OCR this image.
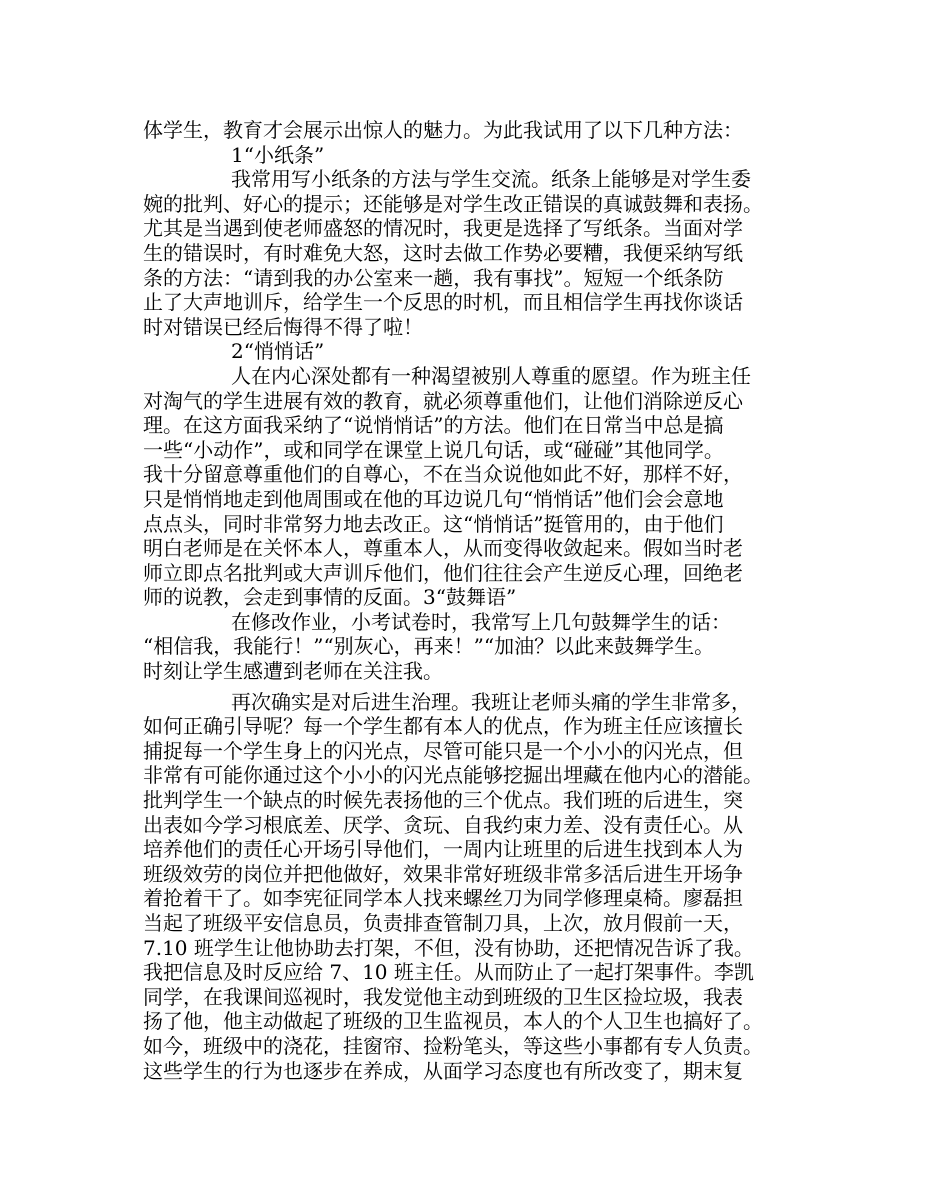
体学生，教育才会展示出惊人的魅力。为此我试用了以下几种方法：
1“小纸条”
我常用写小纸条的方法与学生交流。纸条上能够是对学生委
婉的批判、好心的提示；还能够是对学生改正错误的真诚鼓舞和表扬。
尤其是当遇到使老师盛怒的情况时，我更是选择了写纸条。当面对学
生的错误时，有时难免大怒，这时去做工作势必要糟，我便采纳写纸
条的方法：“请到我的办公室来一趟，我有事找”。短短一个纸条防
止了大声地训斥，给学生一个反思的时机，而且相信学生再找你谈话
时对错误已经后悔得不得了啦！
2“悄悄话”
人在内心深处都有一种渴望被别人尊重的愿望。作为班主任
对淘气的学生进展有效的教育，就必须尊重他们，让他们消除逆反心
理。在这方面我采纳了“说悄悄话”的方法。他们在日常当中总是搞
一些“小动作”，或和同学在课堂上说几句话，或“碰碰”其他同学。
我十分留意尊重他们的自尊心，不在当众说他如此不好，那样不好，
只是悄悄地走到他周围或在他的耳边说几句“悄悄话”他们会会意地
点点头，同时非常努力地去改正。这“悄悄话”挺管用的，由于他们
明白老师是在关怀本人，尊重本人，从而变得收敛起来。假如当时老
师立即点名批判或大声训斥他们，他们往往会产生逆反心理，回绝老
师的说教，会走到事情的反面。3“鼓舞语”
在修改作业，小考试卷时，我常写上几句鼓舞学生的话：
“相信我，我能行！”“别灰心，再来！”“加油？以此来鼓舞学生。
时刻让学生感遭到老师在关注我。
再次确实是对后进生治理。我班让老师头痛的学生非常多，
如何正确引导呢？每一个学生都有本人的优点，作为班主任应该擅长
捕捉每一个学生身上的闪光点，尽管可能只是一个小小的闪光点，但
非常有可能你通过这个小小的闪光点能够挖掘出埋藏在他内心的潜能。
批判学生一个缺点的时候先表扬他的三个优点。我们班的后进生，突
出表如今学习根底差、厌学、贪玩、自我约束力差、没有责任心。从
培养他们的责任心开场引导他们，一周内让班里的后进生找到本人为
班级效劳的岗位并把他做好，效果非常好班级非常多活后进生开场争
着抢着干了。如李宪征同学本人找来螺丝刀为同学修理桌椅。廖磊担
当起了班级平安信息员，负责排查管制刀具，上次，放月假前一天，
7.10 班学生让他协助去打架，不但，没有协助，还把情况告诉了我。
我把信息及时反应给 7、10 班主任。从而防止了一起打架事件。李凯
同学，在我课间巡视时，我发觉他主动到班级的卫生区捡垃圾，我表
扬了他，他主动做起了班级的卫生监视员，本人的个人卫生也搞好了。
如今，班级中的浇花，挂窗帘、捡粉笔头，等这些小事都有专人负责。
这些学生的行为也逐步在养成，从面学习态度也有所改变了，期末复
